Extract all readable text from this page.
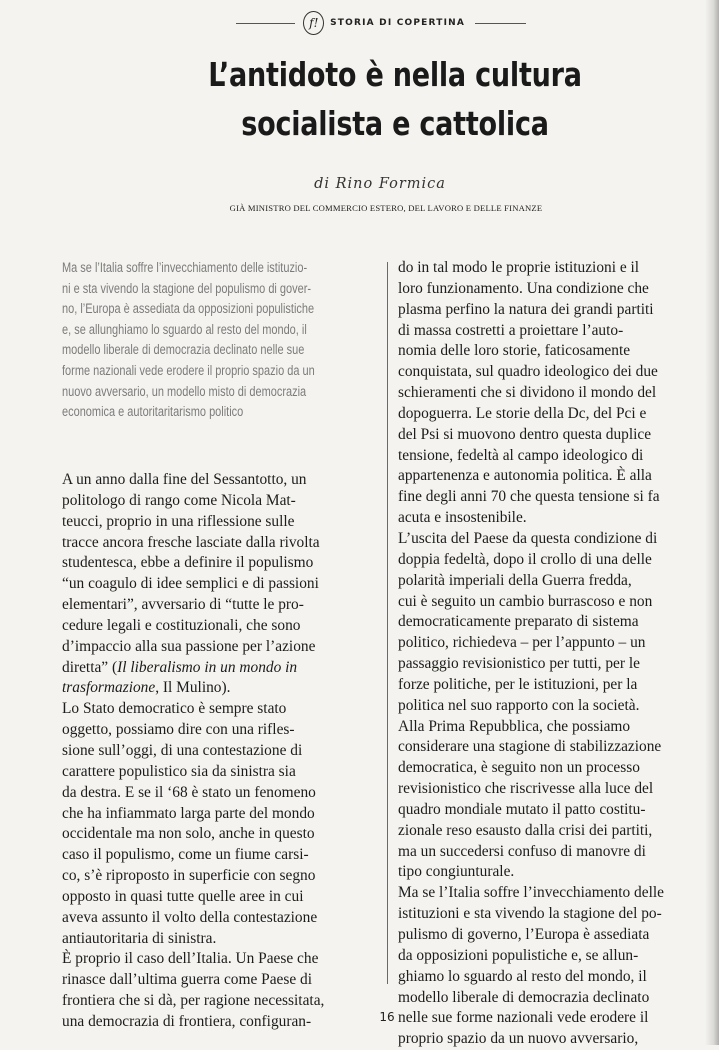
f! STORIA DI COPERTINA
L’antidoto è nella cultura
socialista e cattolica
di Rino Formica
GIÀ MINISTRO DEL COMMERCIO ESTERO, DEL LAVORO E DELLE FINANZE
Ma se l’Italia soffre l’invecchiamento delle istituzio-
ni e sta vivendo la stagione del populismo di gover-
no, l’Europa è assediata da opposizioni populistiche
e, se allunghiamo lo sguardo al resto del mondo, il
modello liberale di democrazia declinato nelle sue
forme nazionali vede erodere il proprio spazio da un
nuovo avversario, un modello misto di democrazia
economica e autoritaritarismo politico
A un anno dalla fine del Sessantotto, un
politologo di rango come Nicola Mat-
teucci, proprio in una riflessione sulle
tracce ancora fresche lasciate dalla rivolta
studentesca, ebbe a definire il populismo
“un coagulo di idee semplici e di passioni
elementari”, avversario di “tutte le pro-
cedure legali e costituzionali, che sono
d’impaccio alla sua passione per l’azione
diretta” (Il liberalismo in un mondo in
trasformazione, Il Mulino).
Lo Stato democratico è sempre stato
oggetto, possiamo dire con una rifles-
sione sull’oggi, di una contestazione di
carattere populistico sia da sinistra sia
da destra. E se il ‘68 è stato un fenomeno
che ha infiammato larga parte del mondo
occidentale ma non solo, anche in questo
caso il populismo, come un fiume carsi-
co, s’è riproposto in superficie con segno
opposto in quasi tutte quelle aree in cui
aveva assunto il volto della contestazione
antiautoritaria di sinistra.
È proprio il caso dell’Italia. Un Paese che
rinasce dall’ultima guerra come Paese di
frontiera che si dà, per ragione necessitata,
una democrazia di frontiera, configuran-
do in tal modo le proprie istituzioni e il
loro funzionamento. Una condizione che
plasma perfino la natura dei grandi partiti
di massa costretti a proiettare l’auto-
nomia delle loro storie, faticosamente
conquistata, sul quadro ideologico dei due
schieramenti che si dividono il mondo del
dopoguerra. Le storie della Dc, del Pci e
del Psi si muovono dentro questa duplice
tensione, fedeltà al campo ideologico di
appartenenza e autonomia politica. È alla
fine degli anni 70 che questa tensione si fa
acuta e insostenibile.
L’uscita del Paese da questa condizione di
doppia fedeltà, dopo il crollo di una delle
polarità imperiali della Guerra fredda,
cui è seguito un cambio burrascoso e non
democraticamente preparato di sistema
politico, richiedeva – per l’appunto – un
passaggio revisionistico per tutti, per le
forze politiche, per le istituzioni, per la
politica nel suo rapporto con la società.
Alla Prima Repubblica, che possiamo
considerare una stagione di stabilizzazione
democratica, è seguito non un processo
revisionistico che riscrivesse alla luce del
quadro mondiale mutato il patto costitu-
zionale reso esausto dalla crisi dei partiti,
ma un succedersi confuso di manovre di
tipo congiunturale.
Ma se l’Italia soffre l’invecchiamento delle
istituzioni e sta vivendo la stagione del po-
pulismo di governo, l’Europa è assediata
da opposizioni populistiche e, se allun-
ghiamo lo sguardo al resto del mondo, il
modello liberale di democrazia declinato
nelle sue forme nazionali vede erodere il
proprio spazio da un nuovo avversario,
16
